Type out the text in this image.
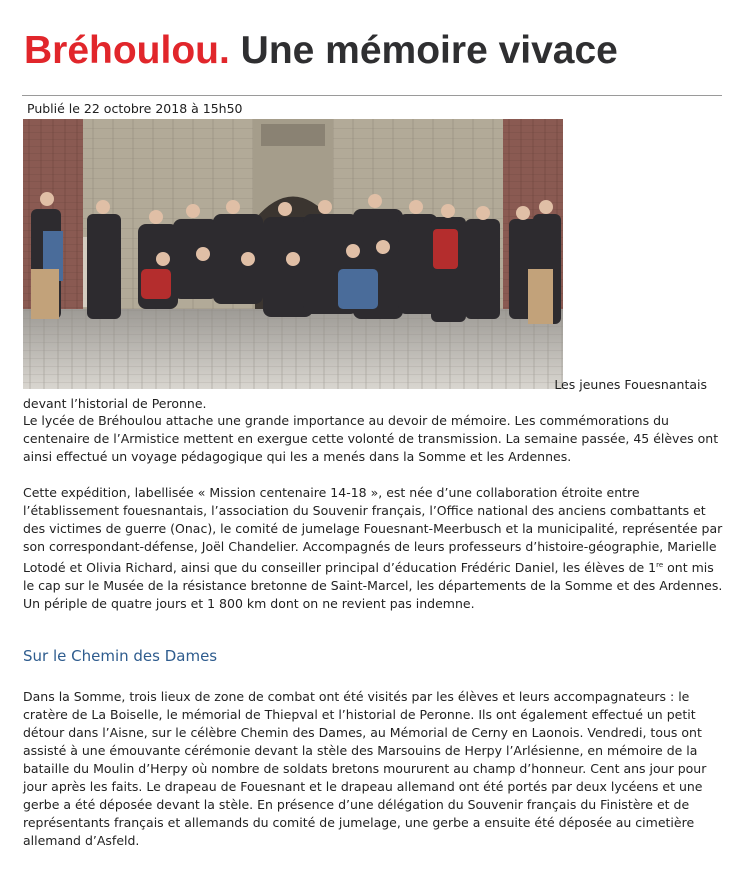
Bréhoulou. Une mémoire vivace
Publié le 22 octobre 2018 à 15h50
Les jeunes Fouesnantais
devant l’historial de Peronne.

Le lycée de Bréhoulou attache une grande importance au devoir de mémoire. Les commémorations du centenaire de l’Armistice mettent en exergue cette volonté de transmission. La semaine passée, 45 élèves ont ainsi effectué un voyage pédagogique qui les a menés dans la Somme et les Ardennes.

Cette expédition, labellisée « Mission centenaire 14-18 », est née d’une collaboration étroite entre l’établissement fouesnantais, l’association du Souvenir français, l’Office national des anciens combattants et des victimes de guerre (Onac), le comité de jumelage Fouesnant-Meerbusch et la municipalité, représentée par son correspondant-défense, Joël Chandelier. Accompagnés de leurs professeurs d’histoire-géographie, Marielle Lotodé et Olivia Richard, ainsi que du conseiller principal d’éducation Frédéric Daniel, les élèves de 1re ont mis le cap sur le Musée de la résistance bretonne de Saint-Marcel, les départements de la Somme et des Ardennes. Un périple de quatre jours et 1 800 km dont on ne revient pas indemne.

Sur le Chemin des Dames

Dans la Somme, trois lieux de zone de combat ont été visités par les élèves et leurs accompagnateurs : le cratère de La Boiselle, le mémorial de Thiepval et l’historial de Peronne. Ils ont également effectué un petit détour dans l’Aisne, sur le célèbre Chemin des Dames, au Mémorial de Cerny en Laonois. Vendredi, tous ont assisté à une émouvante cérémonie devant la stèle des Marsouins de Herpy l’Arlésienne, en mémoire de la bataille du Moulin d’Herpy où nombre de soldats bretons moururent au champ d’honneur. Cent ans jour pour jour après les faits. Le drapeau de Fouesnant et le drapeau allemand ont été portés par deux lycéens et une gerbe a été déposée devant la stèle. En présence d’une délégation du Souvenir français du Finistère et de représentants français et allemands du comité de jumelage, une gerbe a ensuite été déposée au cimetière allemand d’Asfeld.
